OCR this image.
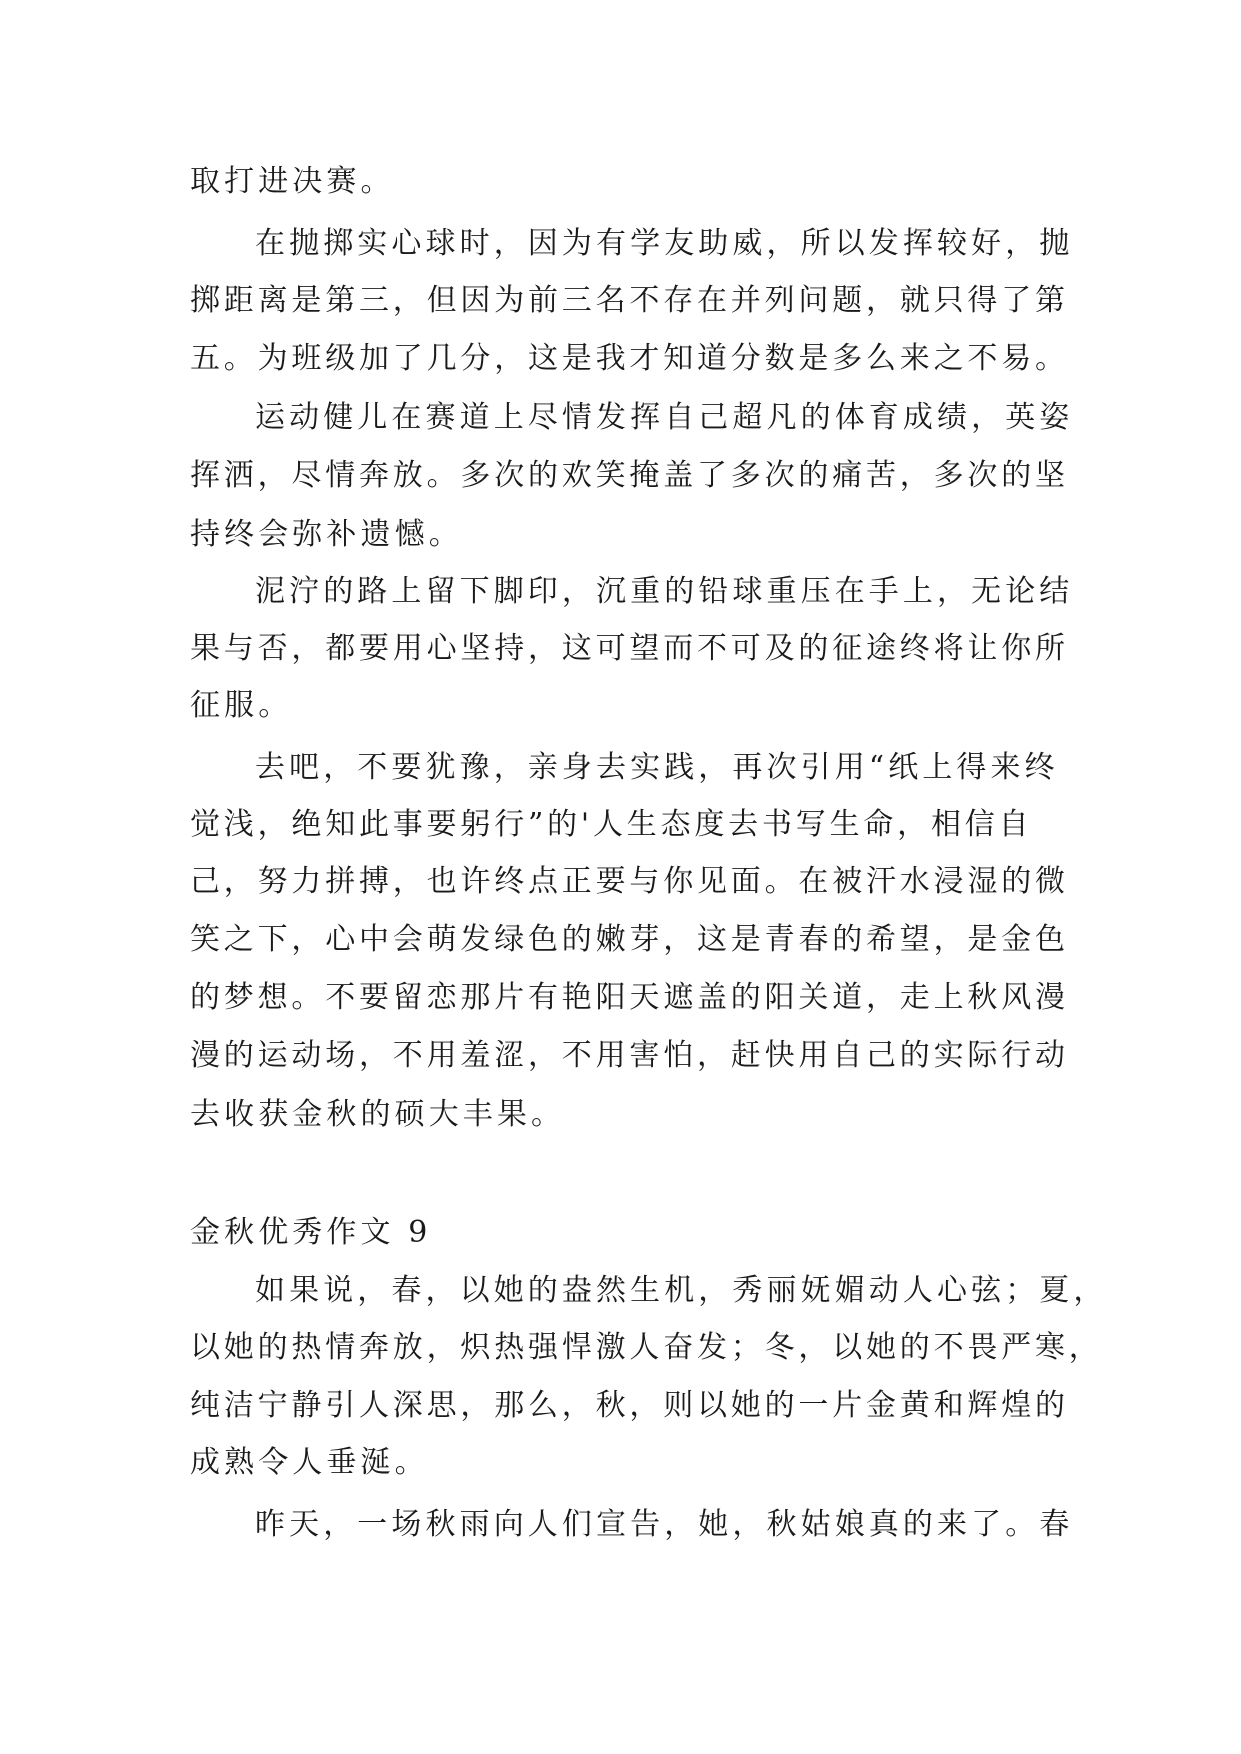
取打进决赛。
在抛掷实心球时，因为有学友助威，所以发挥较好，抛
掷距离是第三，但因为前三名不存在并列问题，就只得了第
五。为班级加了几分，这是我才知道分数是多么来之不易。
运动健儿在赛道上尽情发挥自己超凡的体育成绩，英姿
挥洒，尽情奔放。多次的欢笑掩盖了多次的痛苦，多次的坚
持终会弥补遗憾。
泥泞的路上留下脚印，沉重的铅球重压在手上，无论结
果与否，都要用心坚持，这可望而不可及的征途终将让你所
征服。
去吧，不要犹豫，亲身去实践，再次引用“纸上得来终
觉浅，绝知此事要躬行”的'人生态度去书写生命，相信自
己，努力拼搏，也许终点正要与你见面。在被汗水浸湿的微
笑之下，心中会萌发绿色的嫩芽，这是青春的希望，是金色
的梦想。不要留恋那片有艳阳天遮盖的阳关道，走上秋风漫
漫的运动场，不用羞涩，不用害怕，赶快用自己的实际行动
去收获金秋的硕大丰果。
金秋优秀作文 9
如果说，春，以她的盎然生机，秀丽妩媚动人心弦；夏，
以她的热情奔放，炽热强悍激人奋发；冬，以她的不畏严寒，
纯洁宁静引人深思，那么，秋，则以她的一片金黄和辉煌的
成熟令人垂涎。
昨天，一场秋雨向人们宣告，她，秋姑娘真的来了。春
